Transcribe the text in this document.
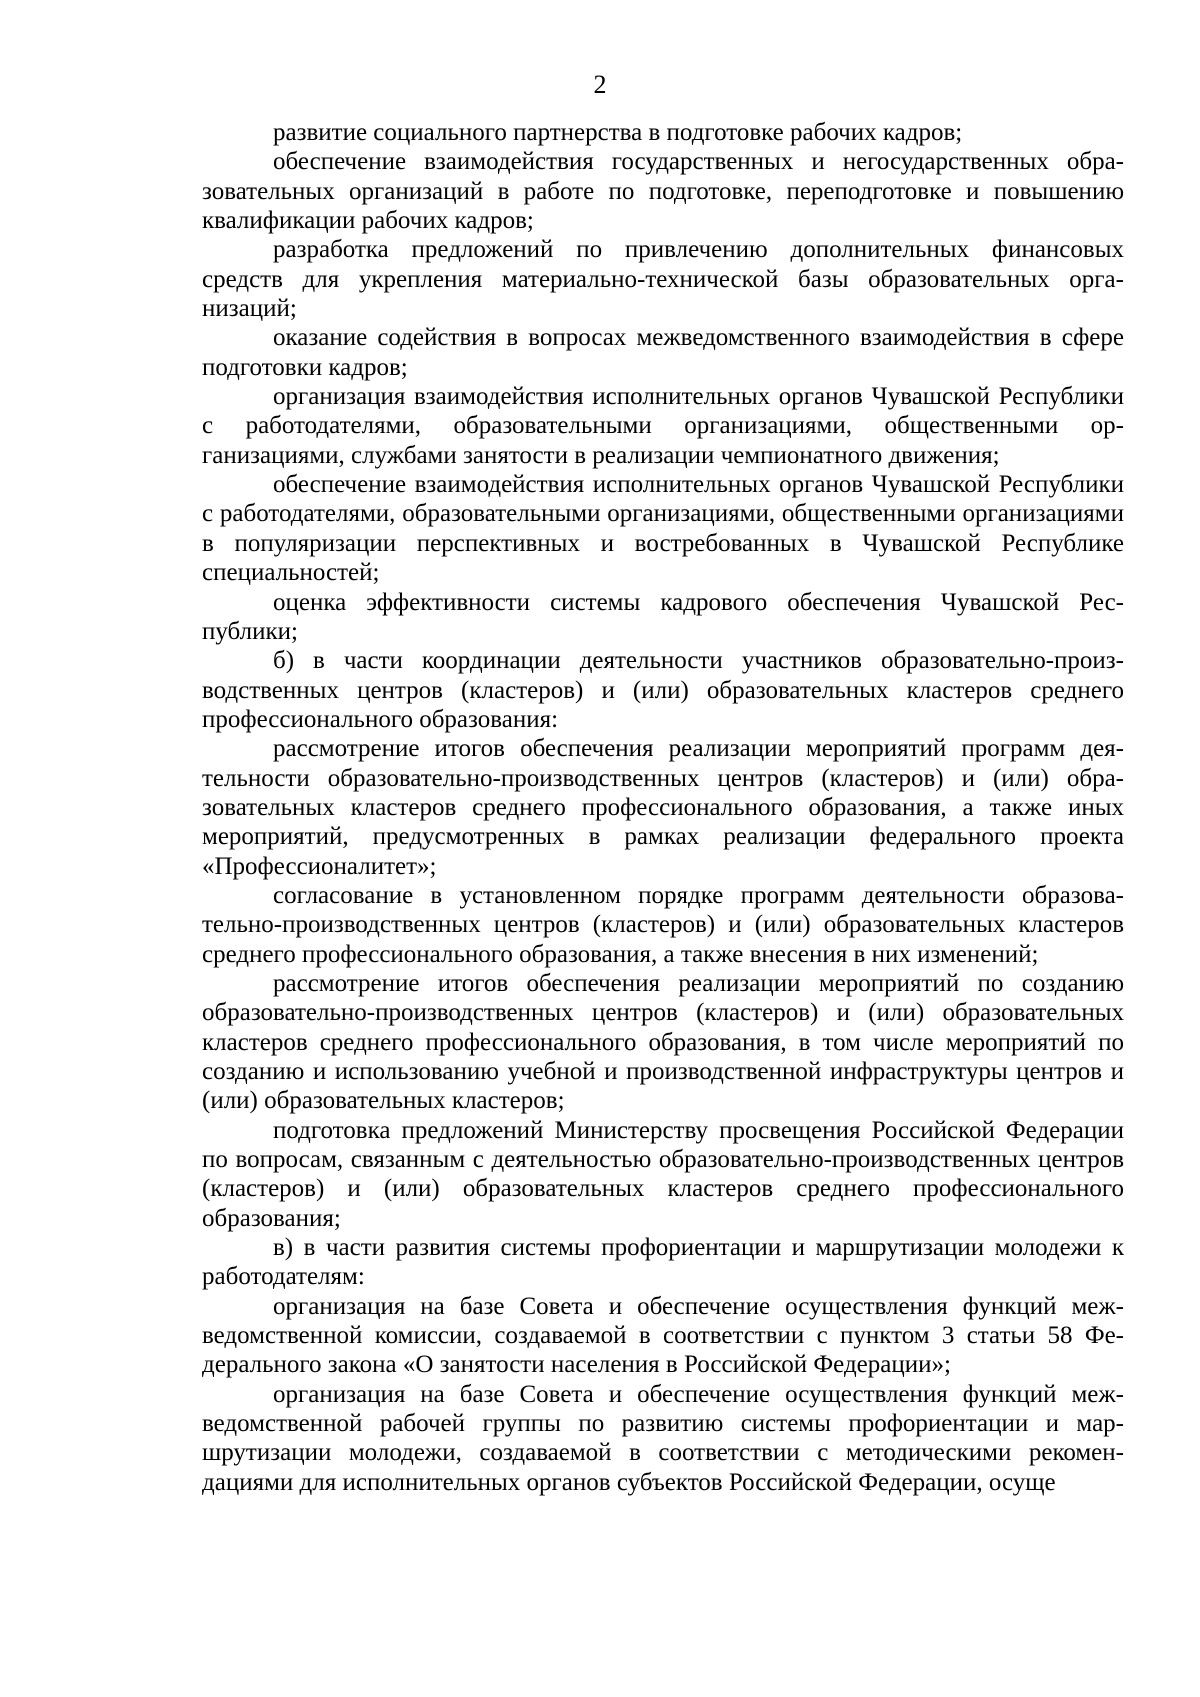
2

развитие социального партнерства в подготовке рабочих кадров;

обеспечение взаимодействия государственных и негосударственных образовательных организаций в работе по подготовке, переподготовке и повышению квалификации рабочих кадров;

разработка предложений по привлечению дополнительных финансовых средств для укрепления материально-технической базы образовательных организаций;

оказание содействия в вопросах межведомственного взаимодействия в сфере подготовки кадров;

организация взаимодействия исполнительных органов Чувашской Республики с работодателями, образовательными организациями, общественными организациями, службами занятости в реализации чемпионатного движения;

обеспечение взаимодействия исполнительных органов Чувашской Республики с работодателями, образовательными организациями, общественными организациями в популяризации перспективных и востребованных в Чувашской Республике специальностей;

оценка эффективности системы кадрового обеспечения Чувашской Республики;

б) в части координации деятельности участников образовательно-производственных центров (кластеров) и (или) образовательных кластеров среднего профессионального образования:

рассмотрение итогов обеспечения реализации мероприятий программ деятельности образовательно-производственных центров (кластеров) и (или) образовательных кластеров среднего профессионального образования, а также иных мероприятий, предусмотренных в рамках реализации федерального проекта «Профессионалитет»;

согласование в установленном порядке программ деятельности образовательно-производственных центров (кластеров) и (или) образовательных кластеров среднего профессионального образования, а также внесения в них изменений;

рассмотрение итогов обеспечения реализации мероприятий по созданию образовательно-производственных центров (кластеров) и (или) образовательных кластеров среднего профессионального образования, в том числе мероприятий по созданию и использованию учебной и производственной инфраструктуры центров и (или) образовательных кластеров;

подготовка предложений Министерству просвещения Российской Федерации по вопросам, связанным с деятельностью образовательно-производственных центров (кластеров) и (или) образовательных кластеров среднего профессионального образования;

в) в части развития системы профориентации и маршрутизации молодежи к работодателям:

организация на базе Совета и обеспечение осуществления функций межведомственной комиссии, создаваемой в соответствии с пунктом 3 статьи 58 Федерального закона «О занятости населения в Российской Федерации»;

организация на базе Совета и обеспечение осуществления функций межведомственной рабочей группы по развитию системы профориентации и маршрутизации молодежи, создаваемой в соответствии с методическими рекомендациями для исполнительных органов субъектов Российской Федерации, осуще
